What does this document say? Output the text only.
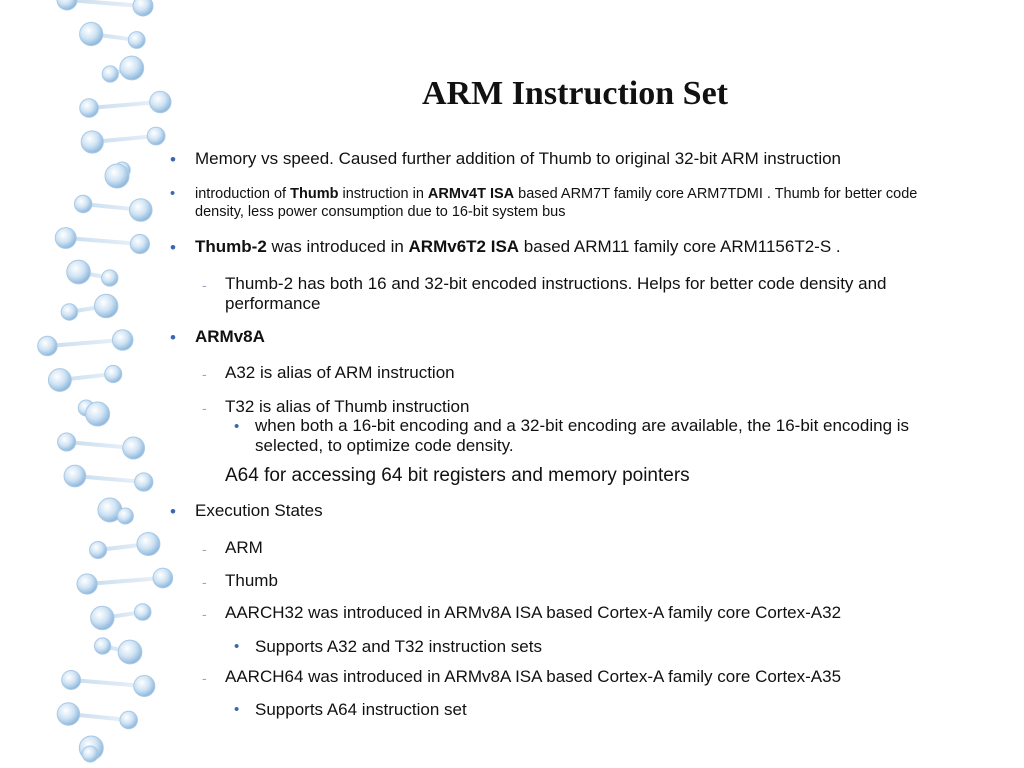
ARM Instruction Set
• Memory vs speed. Caused further addition of Thumb to original 32-bit ARM instruction

• introduction of Thumb instruction in ARMv4T ISA based ARM7T family core ARM7TDMI . Thumb for better code density, less power consumption due to 16-bit system bus

• Thumb-2 was introduced in ARMv6T2 ISA based ARM11 family core ARM1156T2-S .

- Thumb-2 has both 16 and 32-bit encoded instructions. Helps for better code density and performance

• ARMv8A

- A32 is alias of ARM instruction

- T32 is alias of Thumb instruction

• when both a 16-bit encoding and a 32-bit encoding are available, the 16-bit encoding is selected, to optimize code density.

A64 for accessing 64 bit registers and memory pointers

• Execution States

- ARM

- Thumb

- AARCH32 was introduced in ARMv8A ISA based Cortex-A family core Cortex-A32

• Supports A32 and T32 instruction sets

- AARCH64 was introduced in ARMv8A ISA based Cortex-A family core Cortex-A35

• Supports A64 instruction set
